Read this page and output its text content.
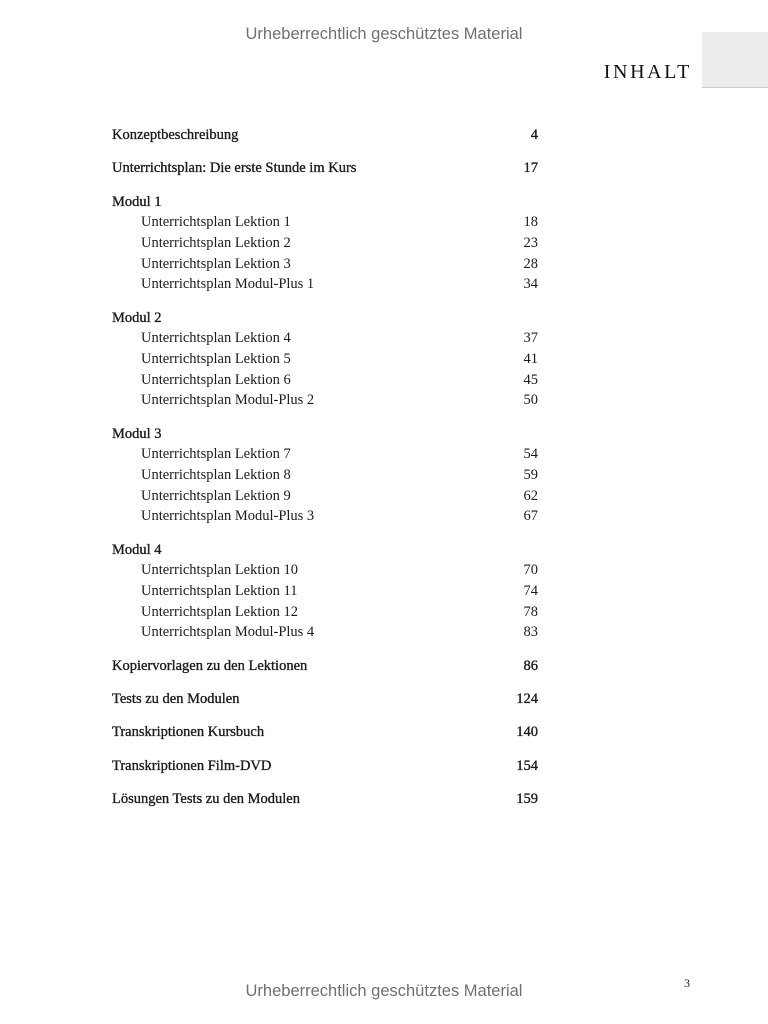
Urheberrechtlich geschütztes Material
INHALT
Konzeptbeschreibung	4
Unterrichtsplan: Die erste Stunde im Kurs	17
Modul 1
Unterrichtsplan Lektion 1	18
Unterrichtsplan Lektion 2	23
Unterrichtsplan Lektion 3	28
Unterrichtsplan Modul-Plus 1	34
Modul 2
Unterrichtsplan Lektion 4	37
Unterrichtsplan Lektion 5	41
Unterrichtsplan Lektion 6	45
Unterrichtsplan Modul-Plus 2	50
Modul 3
Unterrichtsplan Lektion 7	54
Unterrichtsplan Lektion 8	59
Unterrichtsplan Lektion 9	62
Unterrichtsplan Modul-Plus 3	67
Modul 4
Unterrichtsplan Lektion 10	70
Unterrichtsplan Lektion 11	74
Unterrichtsplan Lektion 12	78
Unterrichtsplan Modul-Plus 4	83
Kopiervorlagen zu den Lektionen	86
Tests zu den Modulen	124
Transkriptionen Kursbuch	140
Transkriptionen Film-DVD	154
Lösungen Tests zu den Modulen	159
3
Urheberrechtlich geschütztes Material
